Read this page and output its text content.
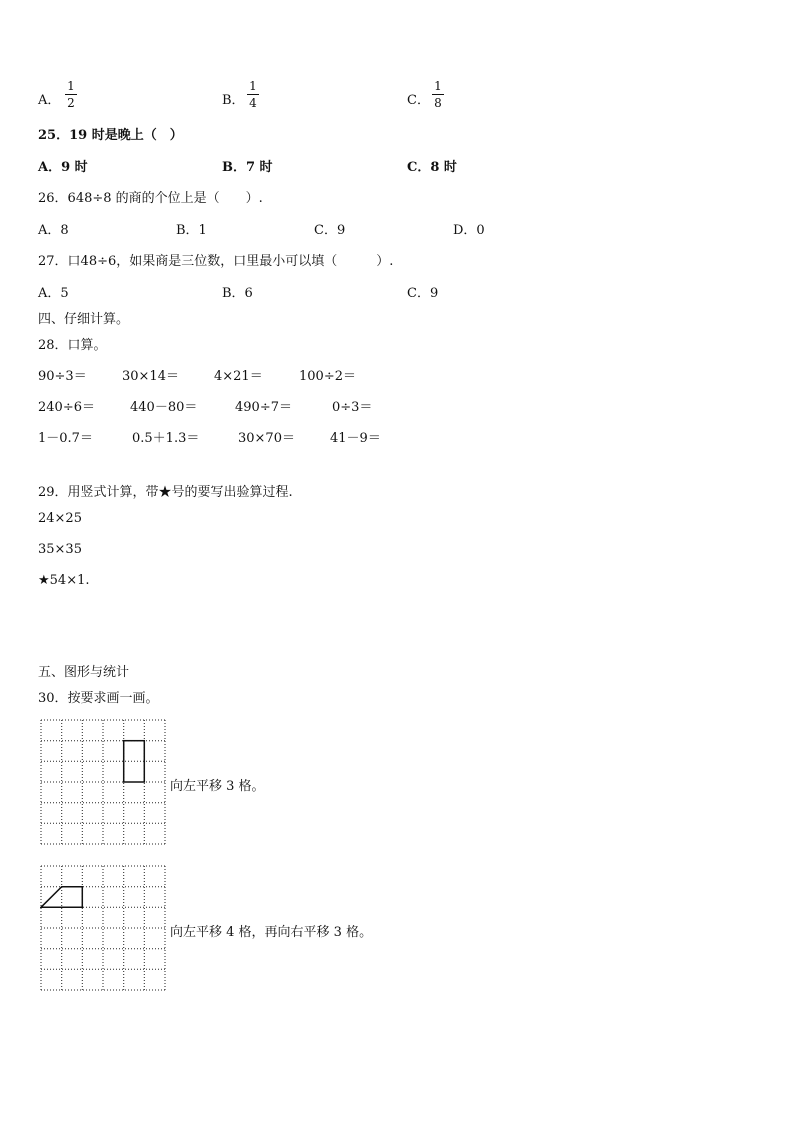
A．
1
2	B．
1
4	C．
1
8
25．19 时是晚上（　）
A．9 时	B．7 时	C．8 时
26．648÷8 的商的个位上是（　　）.
A．8	B．1	C．9	D．0
27．口48÷6，如果商是三位数，口里最小可以填（　　　）.
A．5	B．6	C．9
四、仔细计算。
28．口算。
90÷3＝	30×14＝	4×21＝	100÷2＝
240÷6＝	440－80＝	490÷7＝	0÷3＝
1－0.7＝	0.5＋1.3＝	30×70＝	41－9＝
29．用竖式计算，带★号的要写出验算过程.
24×25
35×35
★54×1.
五、图形与统计
30．按要求画一画。
向左平移 3 格。
向左平移 4 格，再向右平移 3 格。
